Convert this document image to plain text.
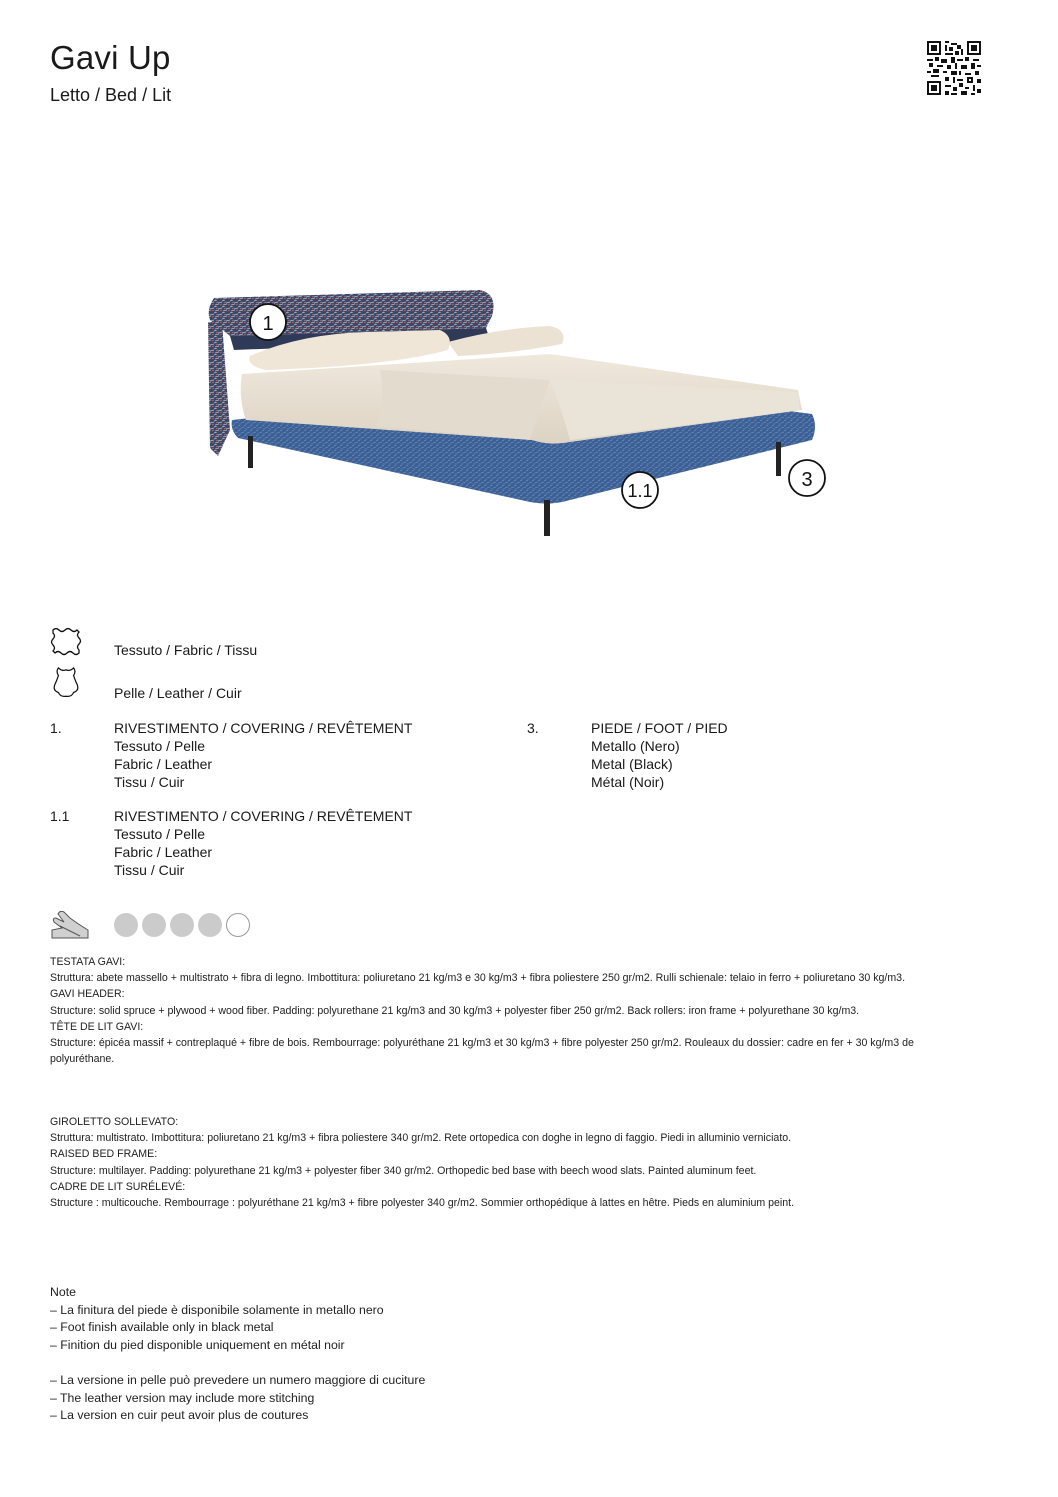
Gavi Up
Letto / Bed / Lit
1
1.1	3
Tessuto / Fabric / Tissu
Pelle / Leather / Cuir
1.	RIVESTIMENTO / COVERING / REVÊTEMENT
Tessuto / Pelle
Fabric / Leather
Tissu / Cuir
1.1	RIVESTIMENTO / COVERING / REVÊTEMENT
Tessuto / Pelle
Fabric / Leather
Tissu / Cuir
3.	PIEDE / FOOT / PIED
Metallo (Nero)
Metal (Black)
Métal (Noir)

TESTATA GAVI:

Struttura: abete massello + multistrato + fibra di legno. Imbottitura: poliuretano 21 kg/m3 e 30 kg/m3 + fibra poliestere 250 gr/m2. Rulli schienale: telaio in ferro + poliuretano 30 kg/m3.

GAVI HEADER:

Structure: solid spruce + plywood + wood fiber. Padding: polyurethane 21 kg/m3 and 30 kg/m3 + polyester fiber 250 gr/m2. Back rollers: iron frame + polyurethane 30 kg/m3.

TÊTE DE LIT GAVI:

Structure: épicéa massif + contreplaqué + fibre de bois. Rembourrage: polyuréthane 21 kg/m3 et 30 kg/m3 + fibre polyester 250 gr/m2. Rouleaux du dossier: cadre en fer + 30 kg/m3 de polyuréthane.

GIROLETTO SOLLEVATO:

Struttura: multistrato. Imbottitura: poliuretano 21 kg/m3 + fibra poliestere 340 gr/m2. Rete ortopedica con doghe in legno di faggio. Piedi in alluminio verniciato.

RAISED BED FRAME:

Structure: multilayer. Padding: polyurethane 21 kg/m3 + polyester fiber 340 gr/m2. Orthopedic bed base with beech wood slats. Painted aluminum feet.

CADRE DE LIT SURÉLEVÉ:

Structure : multicouche. Rembourrage : polyuréthane 21 kg/m3 + fibre polyester 340 gr/m2. Sommier orthopédique à lattes en hêtre. Pieds en aluminium peint.

Note

– La finitura del piede è disponibile solamente in metallo nero

– Foot finish available only in black metal

– Finition du pied disponible uniquement en métal noir

– La versione in pelle può prevedere un numero maggiore di cuciture

– The leather version may include more stitching

– La version en cuir peut avoir plus de coutures
